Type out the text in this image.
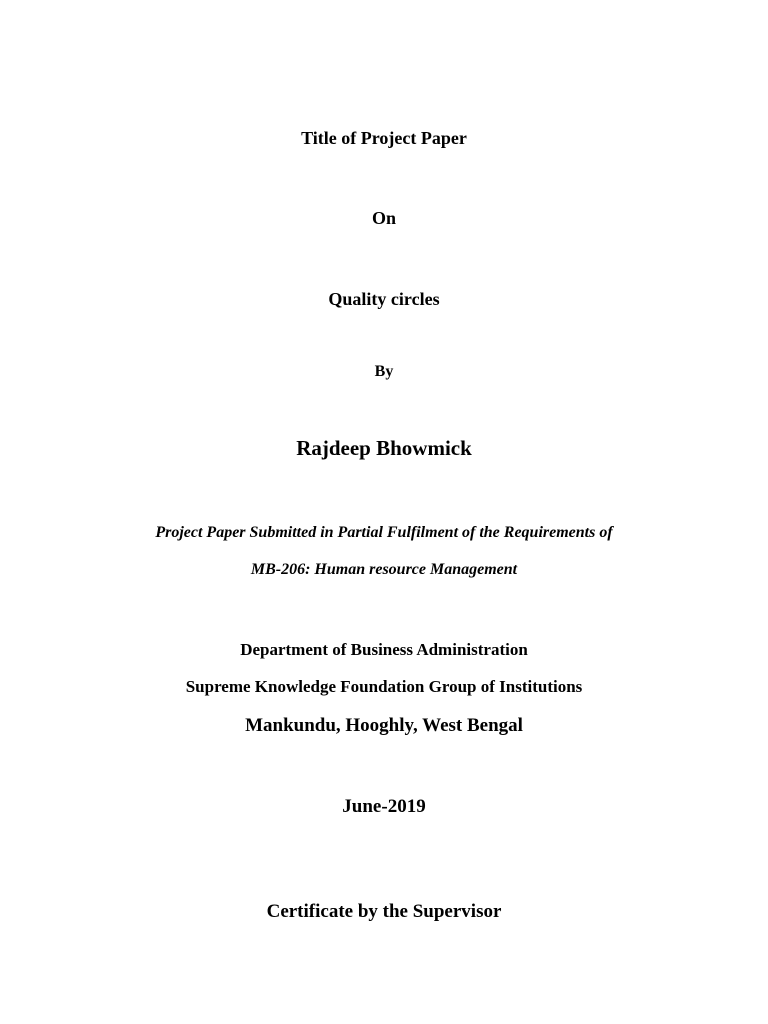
Title of Project Paper
On
Quality circles
By
Rajdeep Bhowmick
Project Paper Submitted in Partial Fulfilment of the Requirements of
MB-206: Human resource Management
Department of Business Administration
Supreme Knowledge Foundation Group of Institutions
Mankundu, Hooghly, West Bengal
June-2019
Certificate by the Supervisor
